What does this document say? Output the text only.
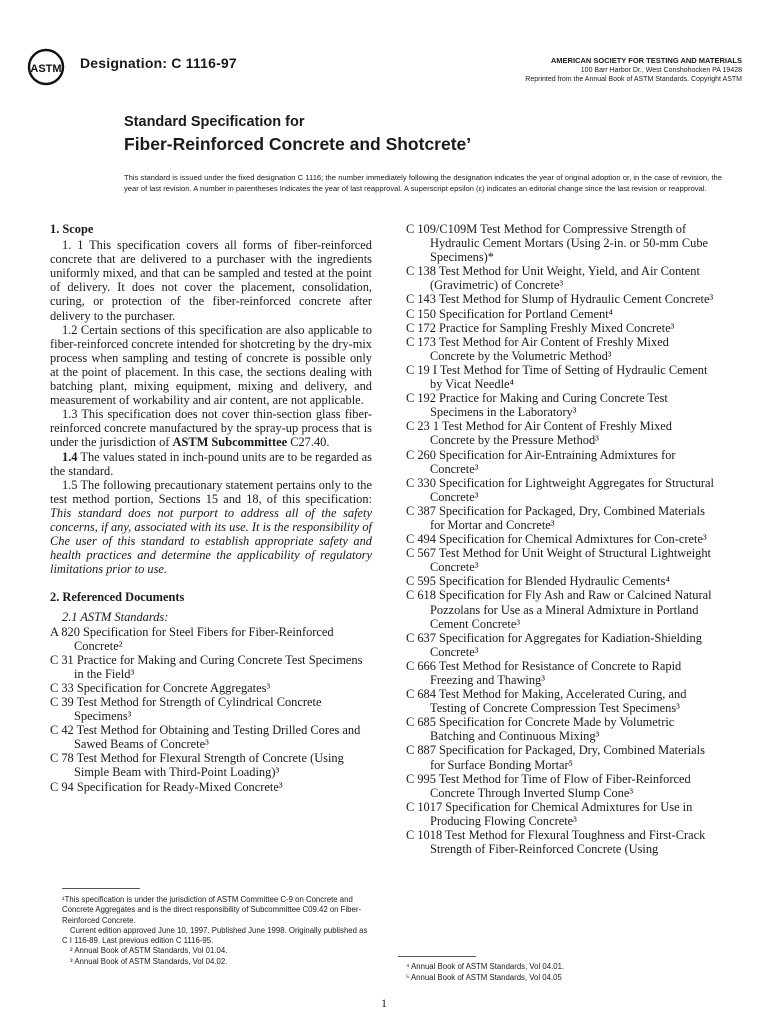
ASTM Designation: C 1116-97	AMERICAN SOCIETY FOR TESTING AND MATERIALS
100 Barr Harbor Dr., West Conshohocken PA 19428
Reprinted from the Annual Book of ASTM Standards. Copyright ASTM
Standard Specification for
Fiber-Reinforced Concrete and Shotcrete’
This standard is issued under the fixed designation C 1116; the number immediately following the designation indicates the year of original adoption or, in the case of revision, the year of last revision. A number in parentheses Indicates the year of last reapproval. A superscript epsilon (ε) indicates an editorial change since the last revision or reapproval.
1. Scope

1. 1 This specification covers all forms of fiber-reinforced concrete that are delivered to a purchaser with the ingredients uniformly mixed, and that can be sampled and tested at the point of delivery. It does not cover the placement, consolidation, curing, or protection of the fiber-reinforced concrete after delivery to the purchaser.

1.2 Certain sections of this specification are also applicable to fiber-reinforced concrete intended for shotcreting by the dry-mix process when sampling and testing of concrete is possible only at the point of placement. In this case, the sections dealing with batching plant, mixing equipment, mixing and delivery, and measurement of workability and air content, are not applicable.

1.3 This specification does not cover thin-section glass fiber-reinforced concrete manufactured by the spray-up process that is under the jurisdiction of ASTM Subcommittee C27.40.

1.4 The values stated in inch-pound units are to be regarded as the standard.

1.5 The following precautionary statement pertains only to the test method portion, Sections 15 and 18, of this specification: This standard does not purport to address all of the safety concerns, if any, associated with its use. It is the responsibility of Che user of this standard to establish appropriate safety and health practices and determine the applicability of regulatory limitations prior to use.

2. Referenced Documents

2.1 ASTM Standards:

A 820 Specification for Steel Fibers for Fiber-Reinforced Concrete²

C 31 Practice for Making and Curing Concrete Test Specimens in the Field³

C 33 Specification for Concrete Aggregates³

C 39 Test Method for Strength of Cylindrical Concrete Specimens³

C 42 Test Method for Obtaining and Testing Drilled Cores and Sawed Beams of Concrete³

C 78 Test Method for Flexural Strength of Concrete (Using Simple Beam with Third-Point Loading)³

C 94 Specification for Ready-Mixed Concrete³

C 109/C109M Test Method for Compressive Strength of Hydraulic Cement Mortars (Using 2-in. or 50-mm Cube Specimens)*

C 138 Test Method for Unit Weight, Yield, and Air Content (Gravimetric) of Concrete³

C 143 Test Method for Slump of Hydraulic Cement Concrete³

C 150 Specification for Portland Cement⁴

C 172 Practice for Sampling Freshly Mixed Concrete³

C 173 Test Method for Air Content of Freshly Mixed Concrete by the Volumetric Method³

C 19 I Test Method for Time of Setting of Hydraulic Cement by Vicat Needle⁴

C 192 Practice for Making and Curing Concrete Test Specimens in the Laboratory³

C 23 1 Test Method for Air Content of Freshly Mixed Concrete by the Pressure Method³

C 260 Specification for Air-Entraining Admixtures for Concrete³

C 330 Specification for Lightweight Aggregates for Structural Concrete³

C 387 Specification for Packaged, Dry, Combined Materials for Mortar and Concrete³

C 494 Specification for Chemical Admixtures for Con-crete³

C 567 Test Method for Unit Weight of Structural Lightweight Concrete³

C 595 Specification for Blended Hydraulic Cements⁴

C 618 Specification for Fly Ash and Raw or Calcined Natural Pozzolans for Use as a Mineral Admixture in Portland Cement Concrete³

C 637 Specification for Aggregates for Kadiation-Shielding Concrete³

C 666 Test Method for Resistance of Concrete to Rapid Freezing and Thawing³

C 684 Test Method for Making, Accelerated Curing, and Testing of Concrete Compression Test Specimens³

C 685 Specification for Concrete Made by Volumetric Batching and Continuous Mixing³

C 887 Specification for Packaged, Dry, Combined Materials for Surface Bonding Mortar⁵

C 995 Test Method for Time of Flow of Fiber-Reinforced Concrete Through Inverted Slump Cone³

C 1017 Specification for Chemical Admixtures for Use in Producing Flowing Concrete³

C 1018 Test Method for Flexural Toughness and First-Crack Strength of Fiber-Reinforced Concrete (Using

¹This specification is under the jurisdiction of ASTM Committee C-9 on Concrete and Concrete Aggregates and is the direct responsibility of Subcommittee C09.42 on Fiber-Reinforced Concrete.

Current edition approved June 10, 1997. Published June 1998. Originally published as C I 116-89. Last previous edition C 1116-95.

² Annual Book of ASTM Standards, Vol 01.04.

³ Annual Book of ASTM Standards, Vol 04.02.

⁴ Annual Book of ASTM Standards, Vol 04.01.

⁵ Annual Book of ASTM Standards, Vol 04.05

1
